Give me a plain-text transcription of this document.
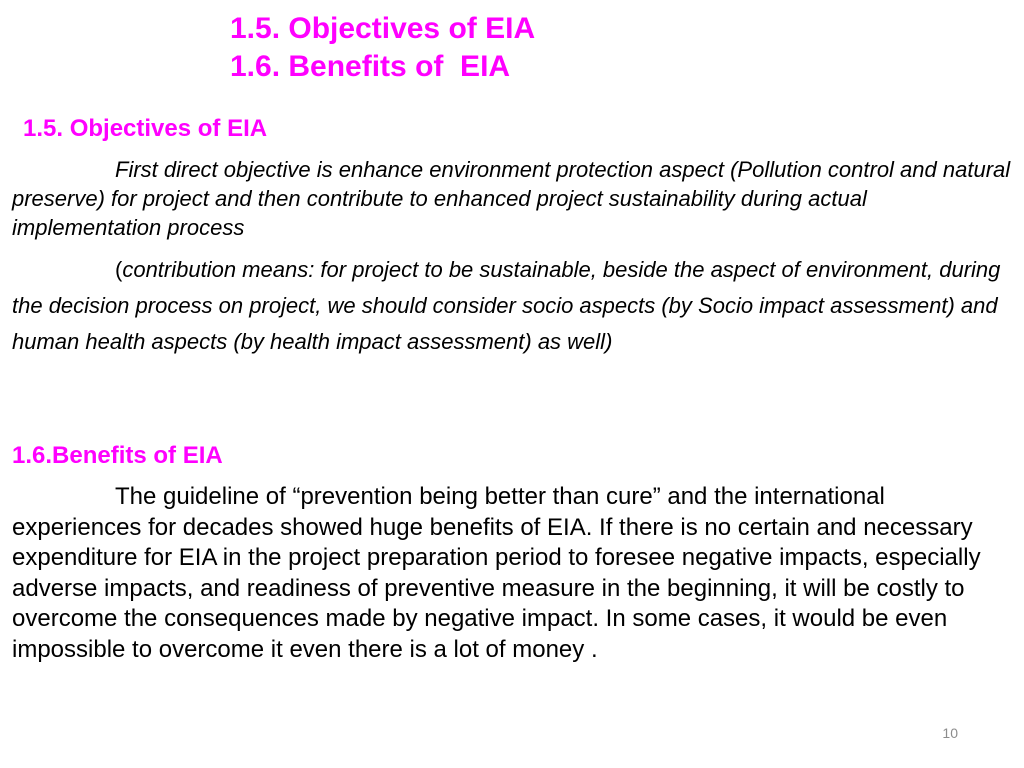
1.5. Objectives of EIA
1.6. Benefits of  EIA
1.5. Objectives of EIA

First direct objective is enhance environment protection aspect (Pollution control and natural preserve) for project and then contribute to enhanced project sustainability during actual implementation process

(contribution means: for project to be sustainable, beside the aspect of environment, during the decision process on project, we should consider socio aspects (by Socio impact assessment) and human health aspects (by health impact assessment) as well)

1.6.Benefits of EIA

The guideline of “prevention being better than cure” and the international experiences for decades showed huge benefits of EIA. If there is no certain and necessary expenditure for EIA in the project preparation period to foresee negative impacts, especially adverse impacts, and readiness of preventive measure in the beginning, it will be costly to overcome the consequences made by negative impact. In some cases, it would be even impossible to overcome it even there is a lot of money .

10
